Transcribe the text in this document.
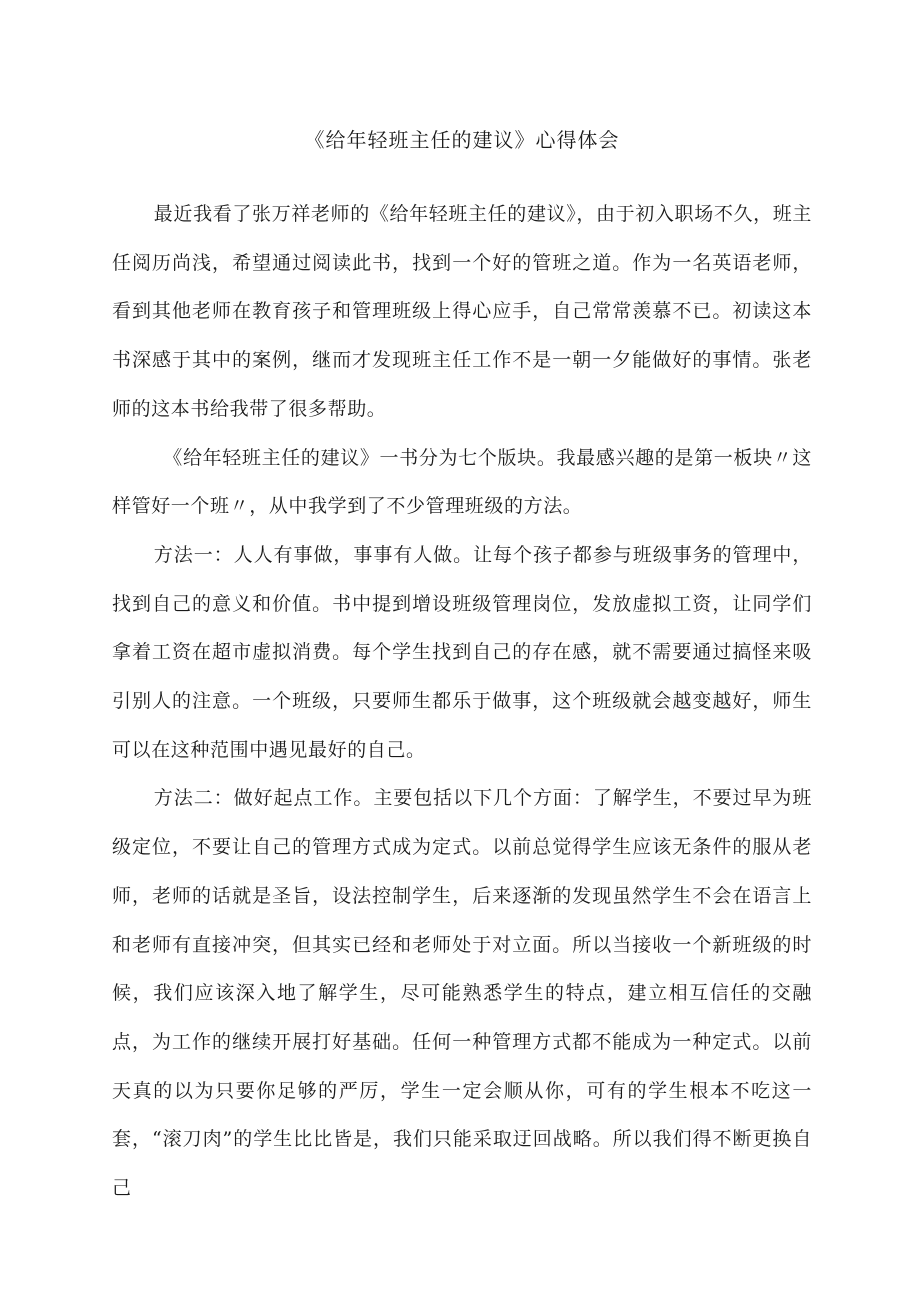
《给年轻班主任的建议》心得体会

最近我看了张万祥老师的《给年轻班主任的建议》，由于初入职场不久，班主任阅历尚浅，希望通过阅读此书，找到一个好的管班之道。作为一名英语老师，看到其他老师在教育孩子和管理班级上得心应手，自己常常羡慕不已。初读这本书深感于其中的案例，继而才发现班主任工作不是一朝一夕能做好的事情。张老师的这本书给我带了很多帮助。

《给年轻班主任的建议》一书分为七个版块。我最感兴趣的是第一板块〃这样管好一个班〃，从中我学到了不少管理班级的方法。

方法一：人人有事做，事事有人做。让每个孩子都参与班级事务的管理中，找到自己的意义和价值。书中提到增设班级管理岗位，发放虚拟工资，让同学们拿着工资在超市虚拟消费。每个学生找到自己的存在感，就不需要通过搞怪来吸引别人的注意。一个班级，只要师生都乐于做事，这个班级就会越变越好，师生可以在这种范围中遇见最好的自己。

方法二：做好起点工作。主要包括以下几个方面：了解学生，不要过早为班级定位，不要让自己的管理方式成为定式。以前总觉得学生应该无条件的服从老师，老师的话就是圣旨，设法控制学生，后来逐渐的发现虽然学生不会在语言上和老师有直接冲突，但其实已经和老师处于对立面。所以当接收一个新班级的时候，我们应该深入地了解学生，尽可能熟悉学生的特点，建立相互信任的交融点，为工作的继续开展打好基础。任何一种管理方式都不能成为一种定式。以前天真的以为只要你足够的严厉，学生一定会顺从你，可有的学生根本不吃这一套，“滚刀肉”的学生比比皆是，我们只能采取迂回战略。所以我们得不断更换自己
